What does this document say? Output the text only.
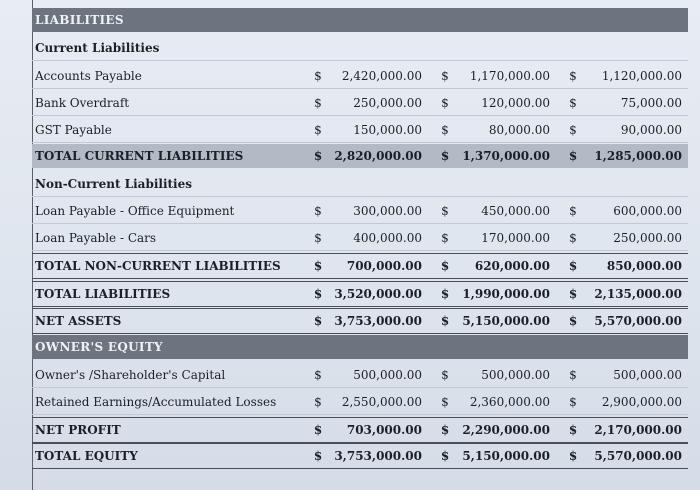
LIABILITIES
Current Liabilities
Accounts Payable	$ 2,420,000.00 $ 1,170,000.00 $ 1,120,000.00
Bank Overdraft	$	250,000.00 $	120,000.00 $	75,000.00
GST Payable	$	150,000.00 $	80,000.00 $	90,000.00
TOTAL CURRENT LIABILITIES	$ 2,820,000.00 $ 1,370,000.00 $ 1,285,000.00
Non-Current Liabilities
Loan Payable - Office Equipment	$	300,000.00 $	450,000.00 $	600,000.00
Loan Payable - Cars	$	400,000.00 $	170,000.00 $	250,000.00
TOTAL NON-CURRENT LIABILITIES	$ 700,000.00 $ 620,000.00 $ 850,000.00
TOTAL LIABILITIES	$ 3,520,000.00 $ 1,990,000.00 $ 2,135,000.00
NET ASSETS	$ 3,753,000.00 $ 5,150,000.00 $ 5,570,000.00
OWNER'S EQUITY
Owner's /Shareholder's Capital	$	500,000.00 $	500,000.00 $	500,000.00
Retained Earnings/Accumulated Losses	$ 2,550,000.00 $ 2,360,000.00 $ 2,900,000.00
NET PROFIT	$ 703,000.00 $ 2,290,000.00 $ 2,170,000.00
TOTAL EQUITY	$ 3,753,000.00 $ 5,150,000.00 $ 5,570,000.00
